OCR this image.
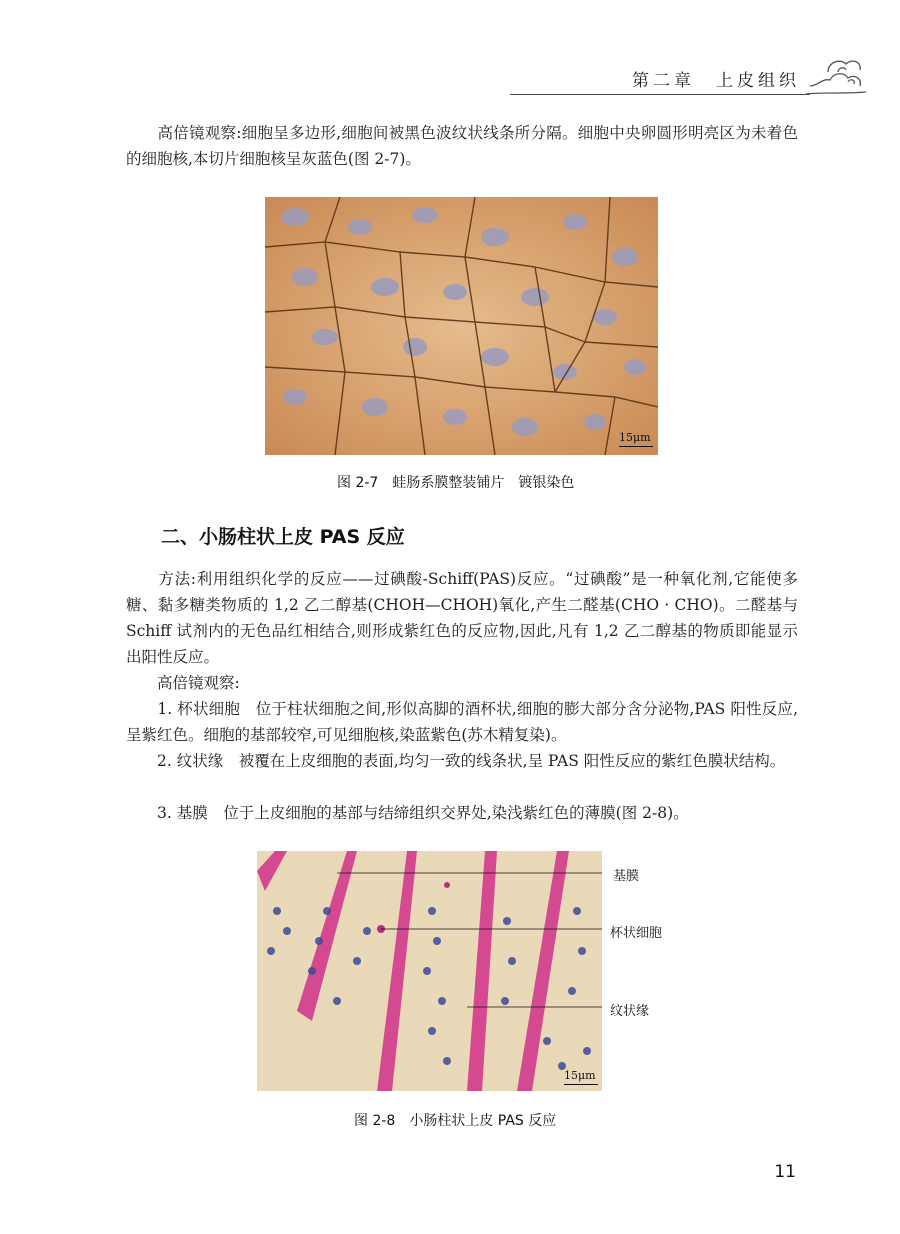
第二章　上皮组织

　　高倍镜观察:细胞呈多边形,细胞间被黑色波纹状线条所分隔。细胞中央卵圆形明亮区为未着色的细胞核,本切片细胞核呈灰蓝色(图 2-7)。

15μm
图 2-7　蛙肠系膜整装铺片　镀银染色
二、小肠柱状上皮 PAS 反应

　　方法:利用组织化学的反应——过碘酸-Schiff(PAS)反应。“过碘酸”是一种氧化剂,它能使多糖、黏多糖类物质的 1,2 乙二醇基(CHOH—CHOH)氧化,产生二醛基(CHO · CHO)。二醛基与 Schiff 试剂内的无色品红相结合,则形成紫红色的反应物,因此,凡有 1,2 乙二醇基的物质即能显示出阳性反应。

　　高倍镜观察:

　　1. 杯状细胞　位于柱状细胞之间,形似高脚的酒杯状,细胞的膨大部分含分泌物,PAS 阳性反应,呈紫红色。细胞的基部较窄,可见细胞核,染蓝紫色(苏木精复染)。

　　2. 纹状缘　被覆在上皮细胞的表面,均匀一致的线条状,呈 PAS 阳性反应的紫红色膜状结构。

　　3. 基膜　位于上皮细胞的基部与结缔组织交界处,染浅紫红色的薄膜(图 2-8)。

15μm
基膜
杯状细胞
纹状缘
图 2-8　小肠柱状上皮 PAS 反应
11
